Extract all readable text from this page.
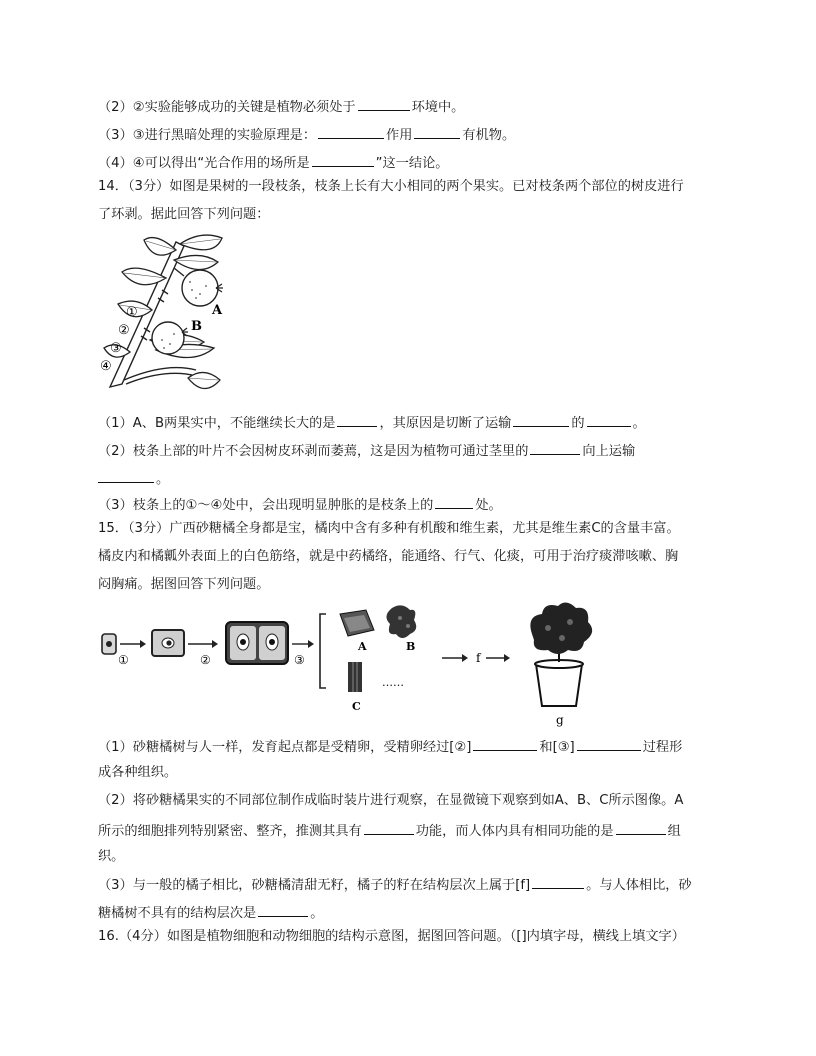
（2）②实验能够成功的关键是植物必须处于	环境中。
（3）③进行黑暗处理的实验原理是：	作用	有机物。
（4）④可以得出“光合作用的场所是	”这一结论。
14．（3分）如图是果树的一段枝条，枝条上长有大小相同的两个果实。已对枝条两个部位的树皮进行
了环剥。据此回答下列问题：
A
B
①
②
③
④
（1）A、B两果实中，不能继续长大的是	，其原因是切断了运输	的	。
（2）枝条上部的叶片不会因树皮环剥而萎蔫，这是因为植物可通过茎里的	向上运输
。
（3）枝条上的①～④处中，会出现明显肿胀的是枝条上的	处。
15．（3分）广西砂糖橘全身都是宝，橘肉中含有多种有机酸和维生素，尤其是维生素C的含量丰富。
橘皮内和橘瓤外表面上的白色筋络，就是中药橘络，能通络、行气、化痰，可用于治疗痰滞咳嗽、胸
闷胸痛。据图回答下列问题。
①	②	③
A	B
C
……
f
g
（1）砂糖橘树与人一样，发育起点都是受精卵，受精卵经过[②]	和[③]	过程形
成各种组织。
（2）将砂糖橘果实的不同部位制作成临时装片进行观察，在显微镜下观察到如A、B、C所示图像。A
所示的细胞排列特别紧密、整齐，推测其具有	功能，而人体内具有相同功能的是	组
织。
（3）与一般的橘子相比，砂糖橘清甜无籽，橘子的籽在结构层次上属于[f]	。与人体相比，砂
糖橘树不具有的结构层次是	。
16.（4分）如图是植物细胞和动物细胞的结构示意图，据图回答问题。（[]内填字母，横线上填文字）
